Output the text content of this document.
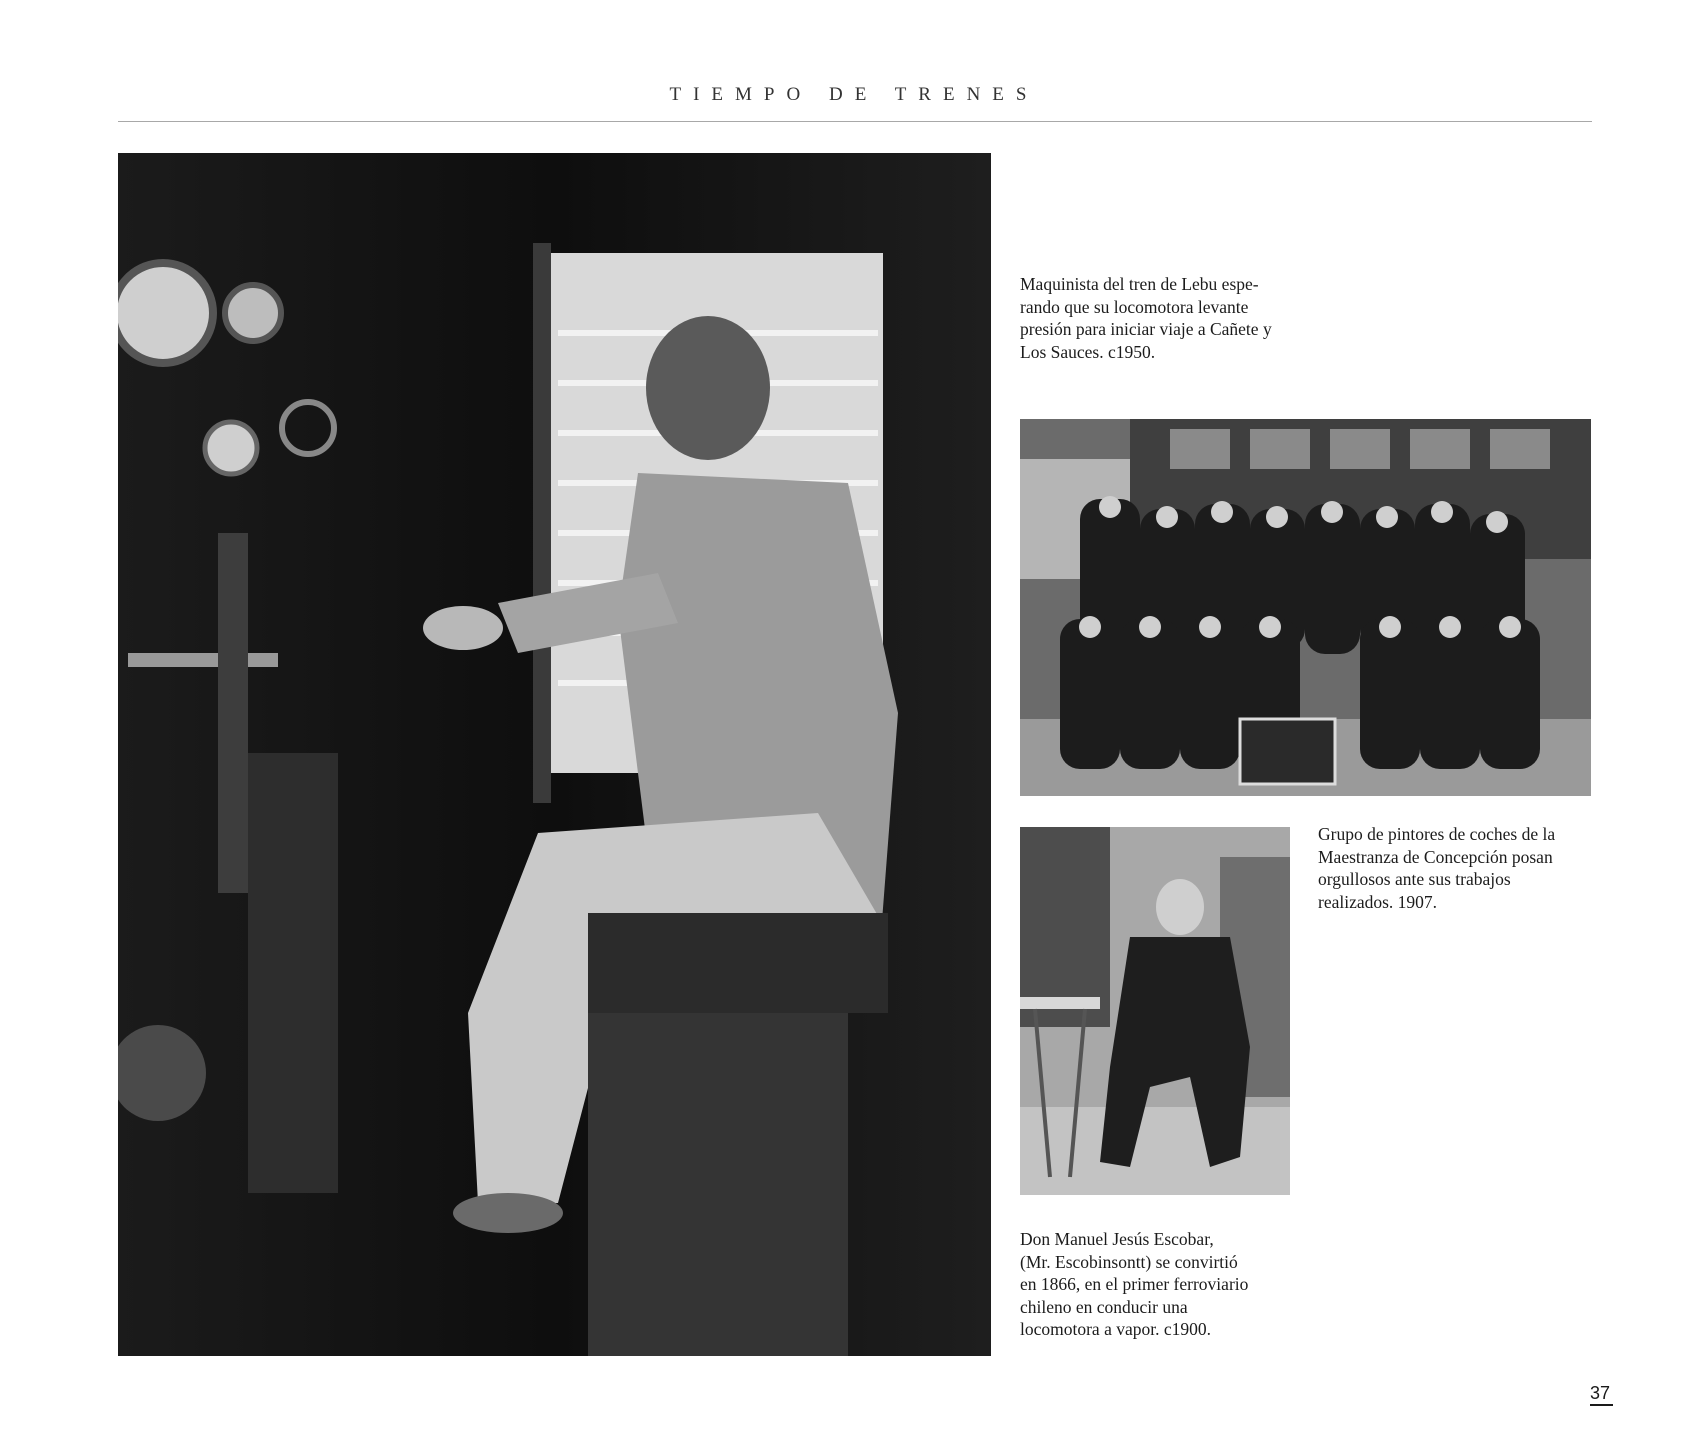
TIEMPO DE TRENES
Maquinista del tren de Lebu espe-
rando que su locomotora levante
presión para iniciar viaje a Cañete y
Los Sauces. c1950.
Grupo de pintores de coches de la
Maestranza de Concepción posan
orgullosos ante sus trabajos
realizados. 1907.
Don Manuel Jesús Escobar,
(Mr. Escobinsontt) se convirtió
en 1866, en el primer ferroviario
chileno en conducir una
locomotora a vapor. c1900.
37
